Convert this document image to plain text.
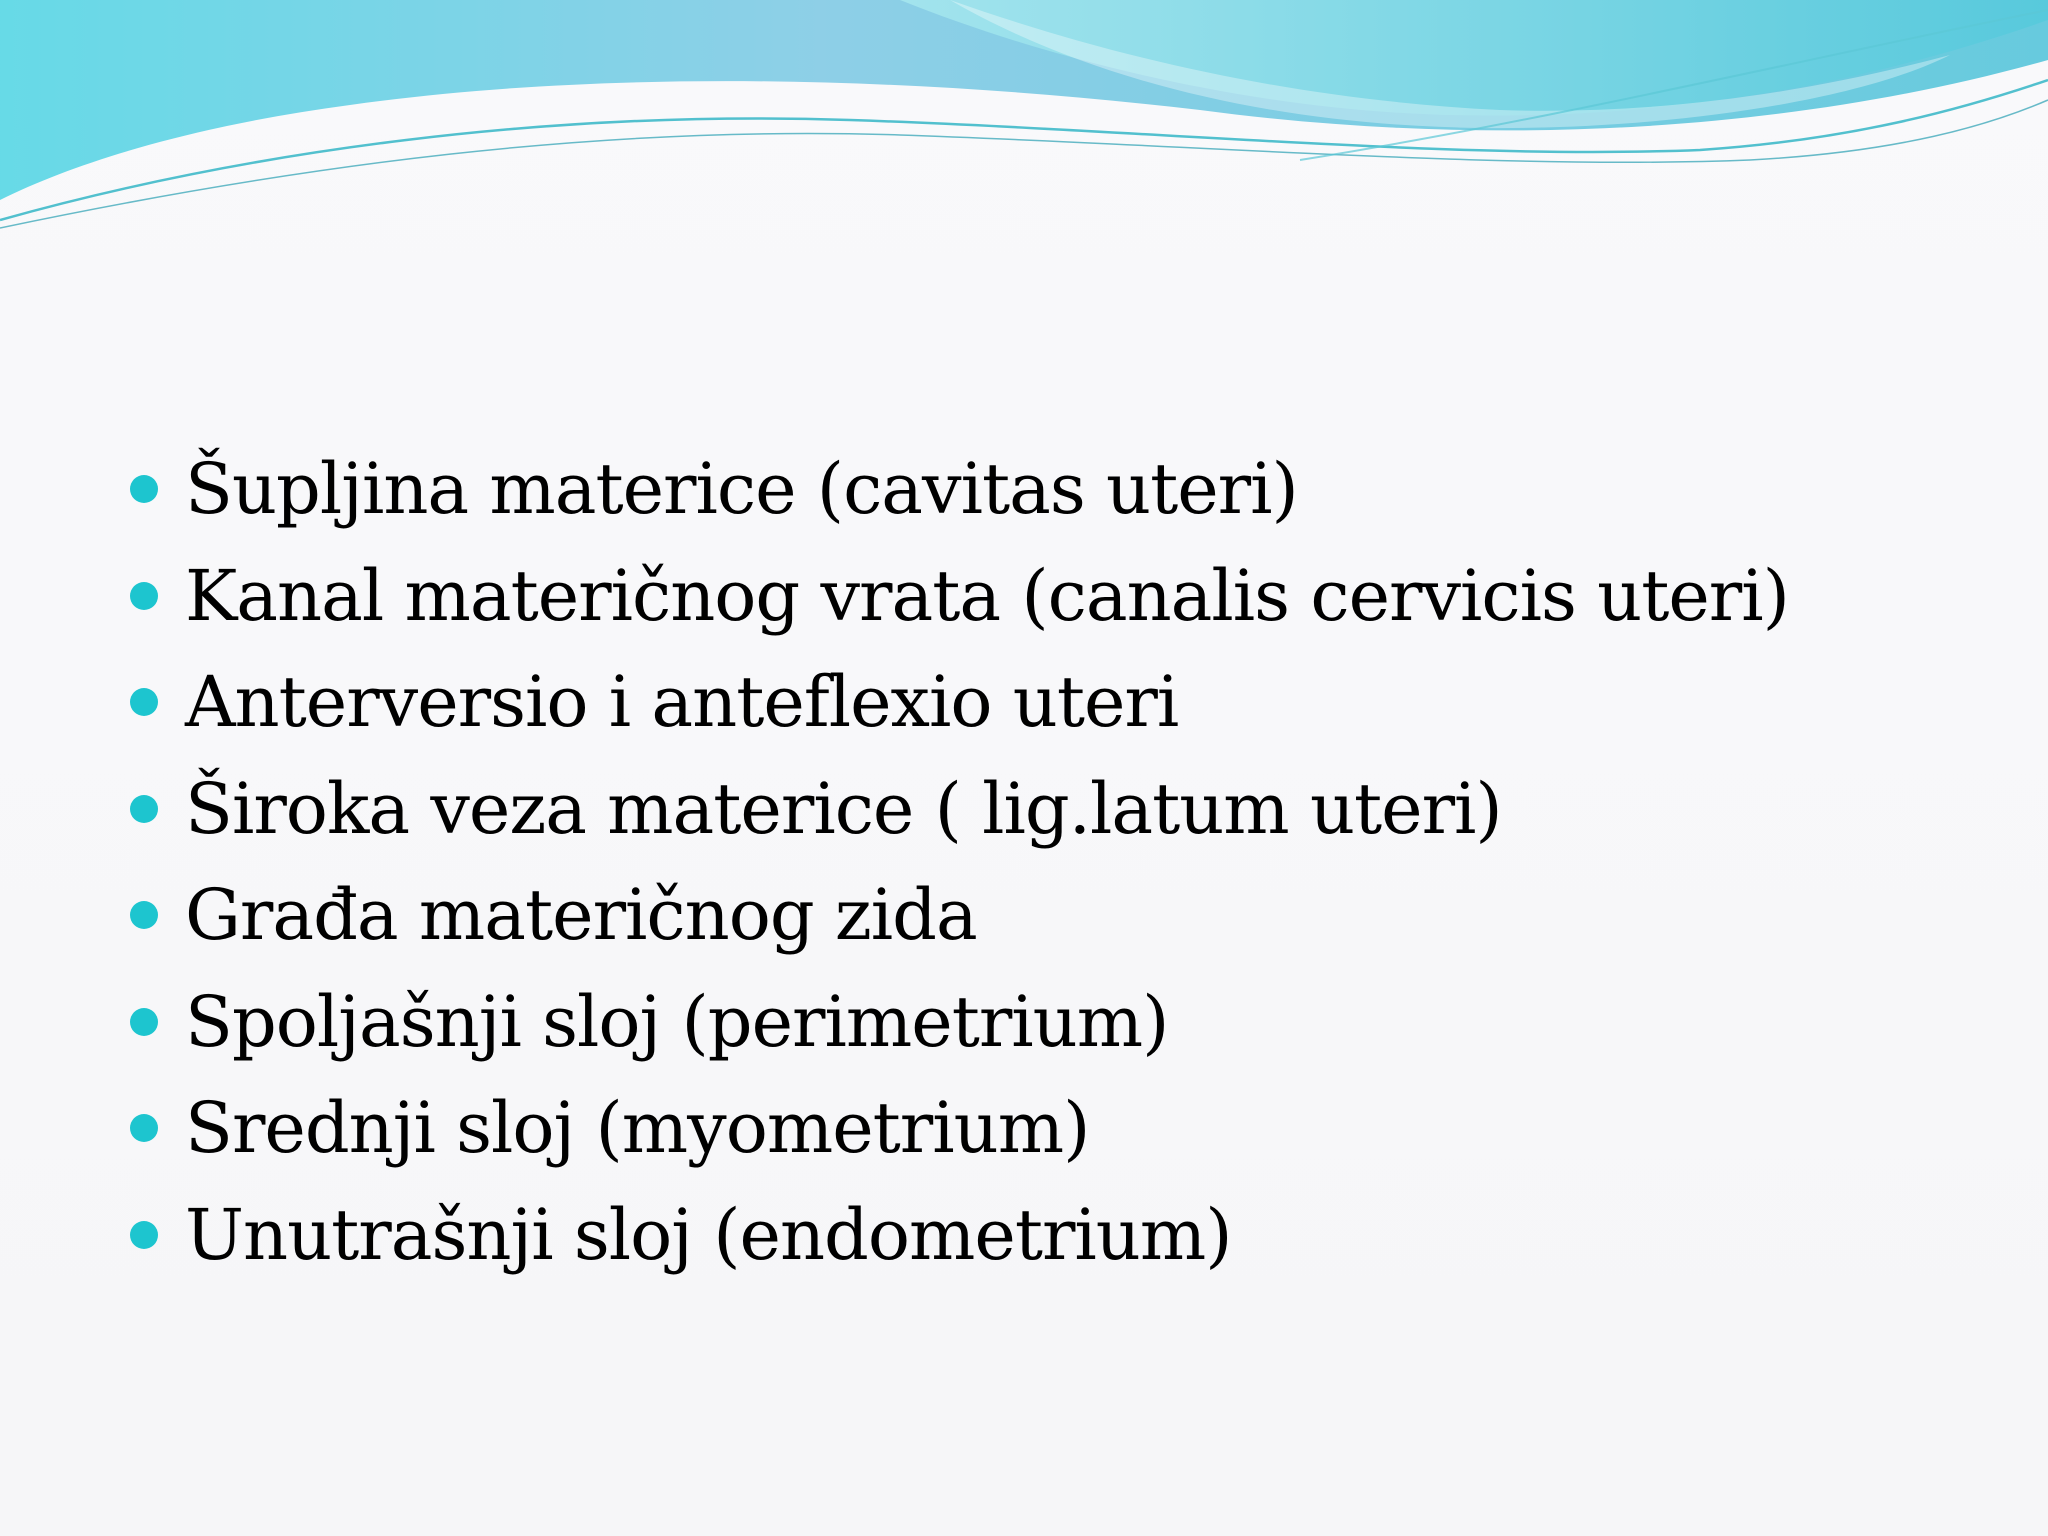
Šupljina materice (cavitas uteri)
Kanal materičnog vrata (canalis cervicis uteri)
Anterversio i anteflexio uteri
Široka veza materice ( lig.latum uteri)
Građa materičnog zida
Spoljašnji sloj (perimetrium)
Srednji sloj (myometrium)
Unutrašnji sloj (endometrium)
